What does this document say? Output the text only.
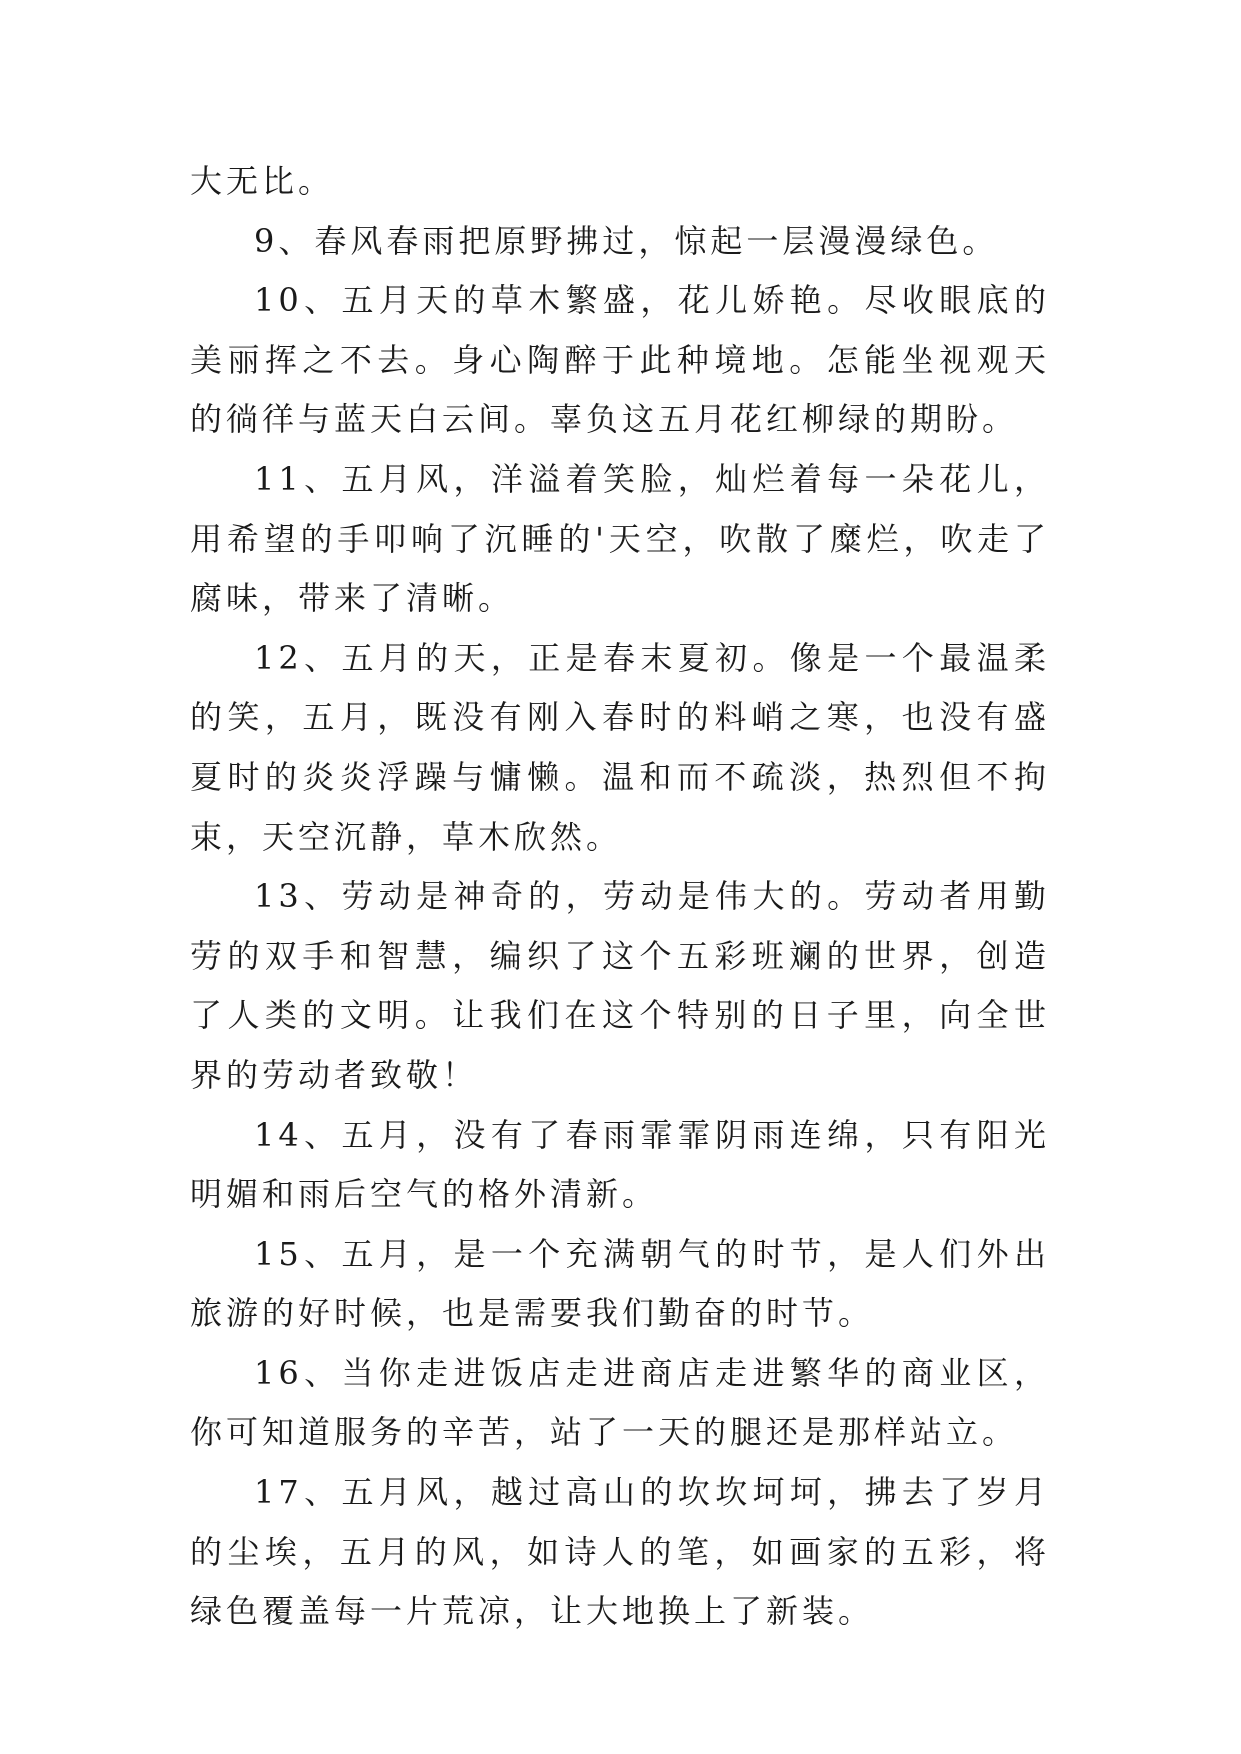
大无比。

9、春风春雨把原野拂过，惊起一层漫漫绿色。

10、五月天的草木繁盛，花儿娇艳。尽收眼底的美丽挥之不去。身心陶醉于此种境地。怎能坐视观天的徜徉与蓝天白云间。辜负这五月花红柳绿的期盼。

11、五月风，洋溢着笑脸，灿烂着每一朵花儿，用希望的手叩响了沉睡的'天空，吹散了糜烂，吹走了腐味，带来了清晰。

12、五月的天，正是春末夏初。像是一个最温柔的笑，五月，既没有刚入春时的料峭之寒，也没有盛夏时的炎炎浮躁与慵懒。温和而不疏淡，热烈但不拘束，天空沉静，草木欣然。

13、劳动是神奇的，劳动是伟大的。劳动者用勤劳的双手和智慧，编织了这个五彩班斓的世界，创造了人类的文明。让我们在这个特别的日子里，向全世界的劳动者致敬！

14、五月，没有了春雨霏霏阴雨连绵，只有阳光明媚和雨后空气的格外清新。

15、五月，是一个充满朝气的时节，是人们外出旅游的好时候，也是需要我们勤奋的时节。

16、当你走进饭店走进商店走进繁华的商业区，你可知道服务的辛苦，站了一天的腿还是那样站立。

17、五月风，越过高山的坎坎坷坷，拂去了岁月的尘埃，五月的风，如诗人的笔，如画家的五彩，将绿色覆盖每一片荒凉，让大地换上了新装。
